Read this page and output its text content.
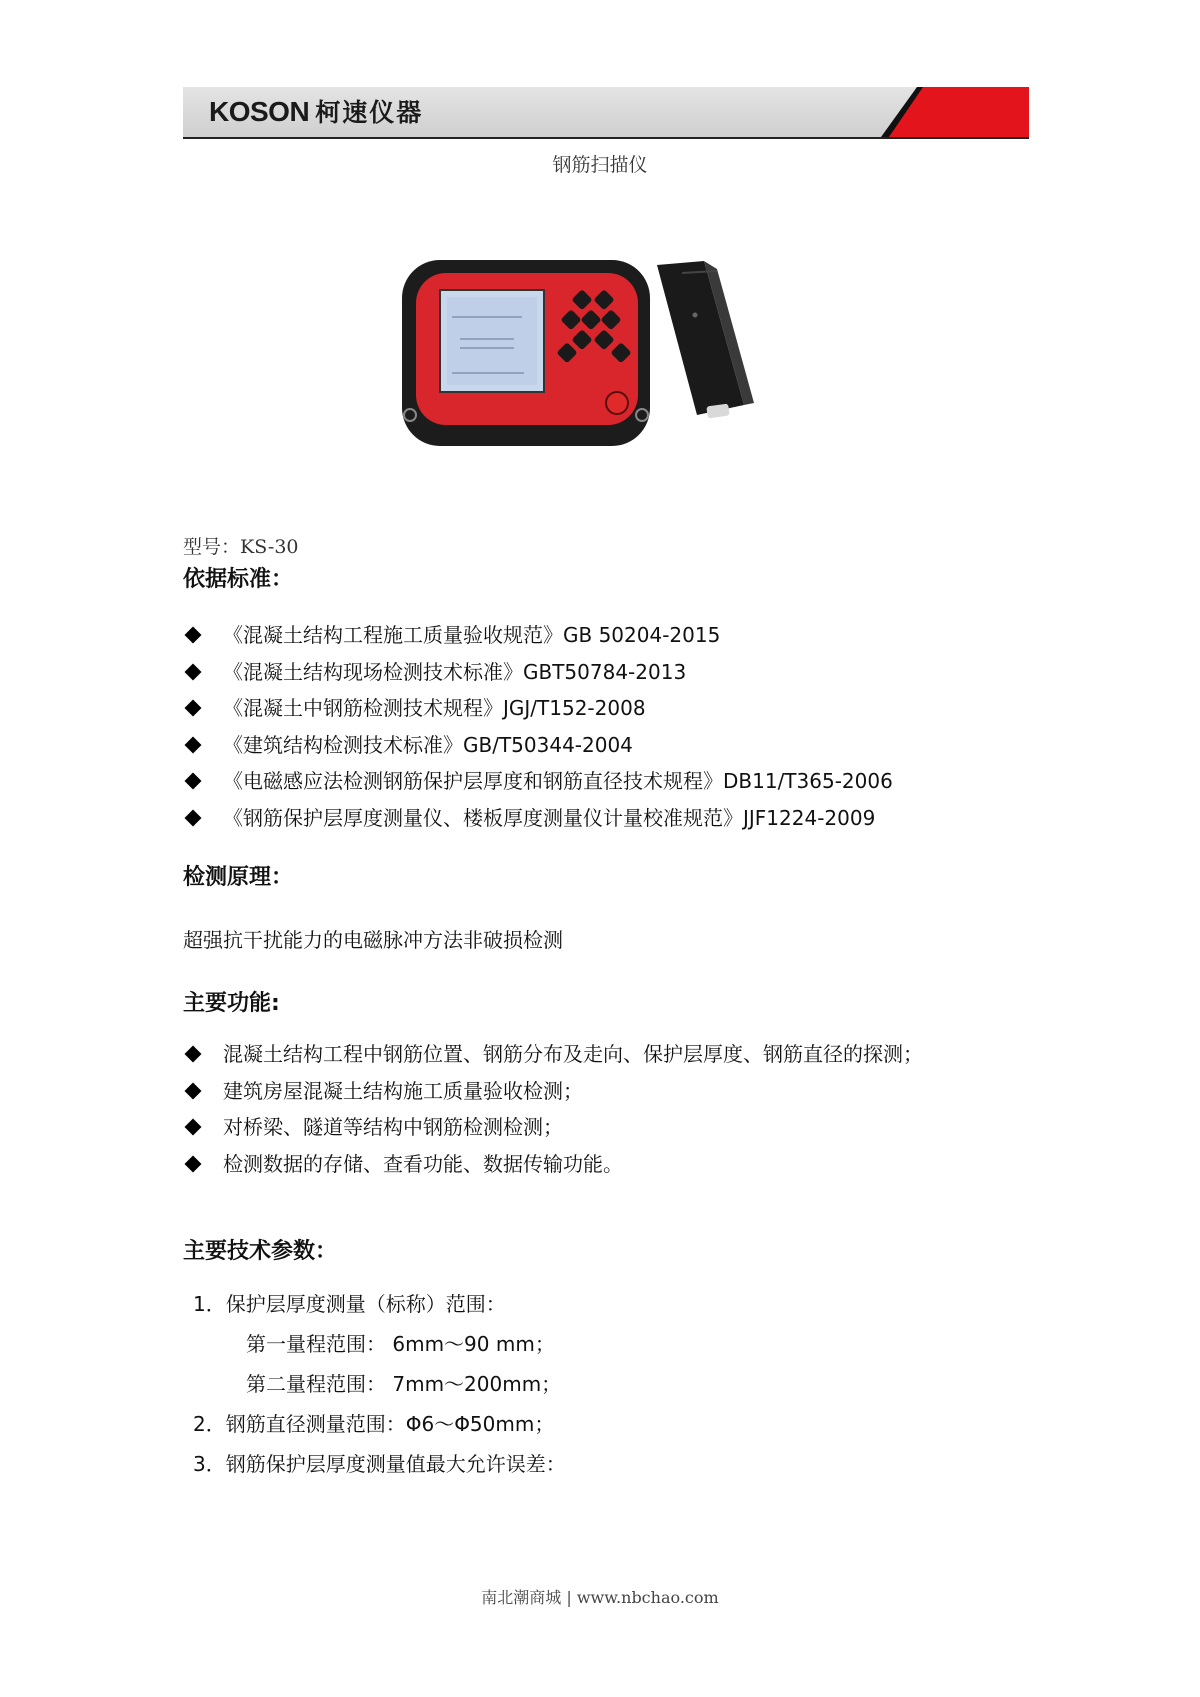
KOSON 柯速仪器
钢筋扫描仪
型号：KS-30
依据标准：
《混凝土结构工程施工质量验收规范》GB 50204-2015
《混凝土结构现场检测技术标准》GBT50784-2013
《混凝土中钢筋检测技术规程》JGJ/T152-2008
《建筑结构检测技术标准》GB/T50344-2004
《电磁感应法检测钢筋保护层厚度和钢筋直径技术规程》DB11/T365-2006
《钢筋保护层厚度测量仪、楼板厚度测量仪计量校准规范》JJF1224-2009
检测原理：
超强抗干扰能力的电磁脉冲方法非破损检测
主要功能:
混凝土结构工程中钢筋位置、钢筋分布及走向、保护层厚度、钢筋直径的探测；
建筑房屋混凝土结构施工质量验收检测；
对桥梁、隧道等结构中钢筋检测检测；
检测数据的存储、查看功能、数据传输功能。
主要技术参数：
1．保护层厚度测量（标称）范围：
第一量程范围： 6mm～90 mm；
第二量程范围： 7mm～200mm；
2．钢筋直径测量范围：Φ6～Φ50mm；
3．钢筋保护层厚度测量值最大允许误差：
南北潮商城 | www.nbchao.com
